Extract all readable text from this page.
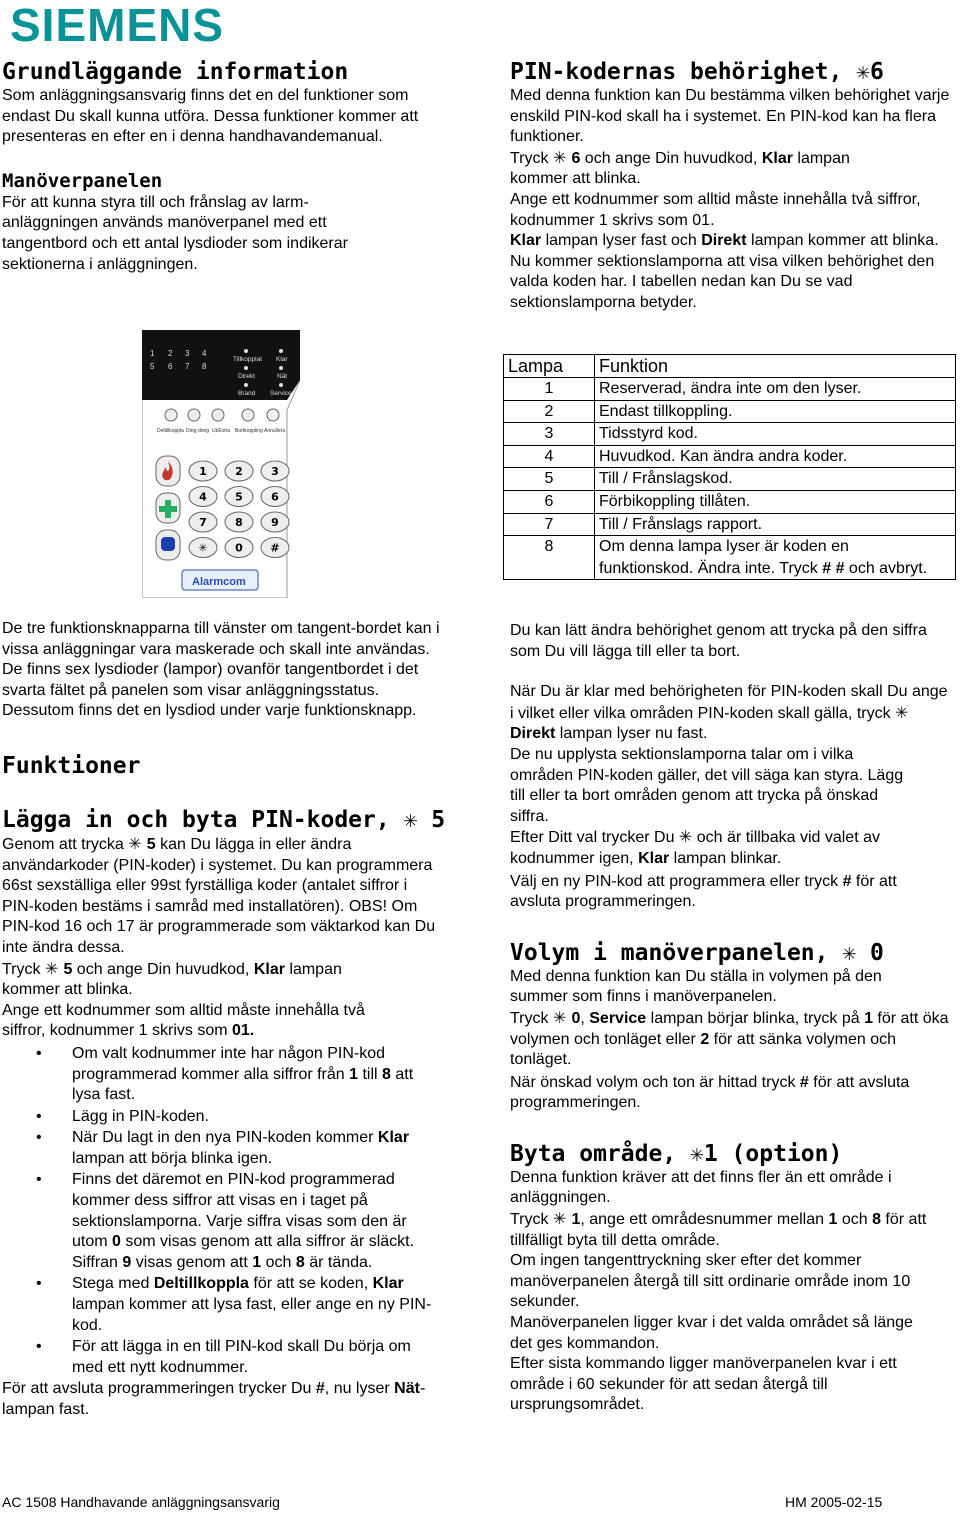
SIEMENS
Grundläggande information

Som anläggningsansvarig finns det en del funktioner som endast Du skall kunna utföra. Dessa funktioner kommer att presenteras en efter en i denna handhavandemanual.

Manöverpanelen

För att kunna styra till och frånslag av larm-anläggningen används manöverpanel med ett tangentbord och ett antal lysdioder som indikerar sektionerna i anläggningen.

1 2 3 4
5 6 7 8
Tillkopplat Klar
Direkt	Nät
Brand Service
Deltillkoppla Ding-dong Ut/Extra Bortkoppling Annullera
1	2	3
4	5	6
7	8	9
✳	0	#
Alarmcom

De tre funktionsknapparna till vänster om tangent-bordet kan i vissa anläggningar vara maskerade och skall inte användas. De finns sex lysdioder (lampor) ovanför tangentbordet i det svarta fältet på panelen som visar anläggningsstatus. Dessutom finns det en lysdiod under varje funktionsknapp.

Funktioner

Lägga in och byta PIN-koder, ✳ 5

Genom att trycka ✳ 5 kan Du lägga in eller ändra användarkoder (PIN-koder) i systemet. Du kan programmera 66st sexställiga eller 99st fyrställiga koder (antalet siffror i PIN-koden bestäms i samråd med installatören). OBS! Om PIN-kod 16 och 17 är programmerade som väktarkod kan Du inte ändra dessa.

Tryck ✳ 5 och ange Din huvudkod, Klar lampan kommer att blinka.

Ange ett kodnummer som alltid måste innehålla två siffror, kodnummer 1 skrivs som 01.

• Om valt kodnummer inte har någon PIN-kod programmerad kommer alla siffror från 1 till 8 att lysa fast.
• Lägg in PIN-koden.
• När Du lagt in den nya PIN-koden kommer Klar lampan att börja blinka igen.
• Finns det däremot en PIN-kod programmerad kommer dess siffror att visas en i taget på sektionslamporna. Varje siffra visas som den är utom 0 som visas genom att alla siffror är släckt. Siffran 9 visas genom att 1 och 8 är tända.
• Stega med Deltillkoppla för att se koden, Klar lampan kommer att lysa fast, eller ange en ny PIN-kod.
• För att lägga in en till PIN-kod skall Du börja om med ett nytt kodnummer.

För att avsluta programmeringen trycker Du #, nu lyser Nät-lampan fast.

PIN-kodernas behörighet, ✳6

Med denna funktion kan Du bestämma vilken behörighet varje enskild PIN-kod skall ha i systemet. En PIN-kod kan ha flera funktioner.

Tryck ✳ 6 och ange Din huvudkod, Klar lampan kommer att blinka.

Ange ett kodnummer som alltid måste innehålla två siffror, kodnummer 1 skrivs som 01.

Klar lampan lyser fast och Direkt lampan kommer att blinka.

Nu kommer sektionslamporna att visa vilken behörighet den valda koden har. I tabellen nedan kan Du se vad sektionslamporna betyder.

Lampa	Funktion
1	Reserverad, ändra inte om den lyser.
2	Endast tillkoppling.
3	Tidsstyrd kod.
4	Huvudkod. Kan ändra andra koder.
5	Till / Frånslagskod.
6	Förbikoppling tillåten.
7	Till / Frånslags rapport.
8	Om denna lampa lyser är koden en funktionskod. Ändra inte. Tryck # # och avbryt.

Du kan lätt ändra behörighet genom att trycka på den siffra som Du vill lägga till eller ta bort.

När Du är klar med behörigheten för PIN-koden skall Du ange i vilket eller vilka områden PIN-koden skall gälla, tryck ✳ Direkt lampan lyser nu fast.

De nu upplysta sektionslamporna talar om i vilka områden PIN-koden gäller, det vill säga kan styra. Lägg till eller ta bort områden genom att trycka på önskad siffra.

Efter Ditt val trycker Du ✳ och är tillbaka vid valet av kodnummer igen, Klar lampan blinkar.

Välj en ny PIN-kod att programmera eller tryck # för att avsluta programmeringen.

Volym i manöverpanelen, ✳ 0

Med denna funktion kan Du ställa in volymen på den summer som finns i manöverpanelen.

Tryck ✳ 0, Service lampan börjar blinka, tryck på 1 för att öka volymen och tonläget eller 2 för att sänka volymen och tonläget.

När önskad volym och ton är hittad tryck # för att avsluta programmeringen.

Byta område, ✳1 (option)

Denna funktion kräver att det finns fler än ett område i anläggningen.

Tryck ✳ 1, ange ett områdesnummer mellan 1 och 8 för att tillfälligt byta till detta område.

Om ingen tangenttryckning sker efter det kommer manöverpanelen återgå till sitt ordinarie område inom 10 sekunder.

Manöverpanelen ligger kvar i det valda området så länge det ges kommandon.

Efter sista kommando ligger manöverpanelen kvar i ett område i 60 sekunder för att sedan återgå till ursprungsområdet.

AC 1508 Handhavande anläggningsansvarig	HM 2005-02-15
